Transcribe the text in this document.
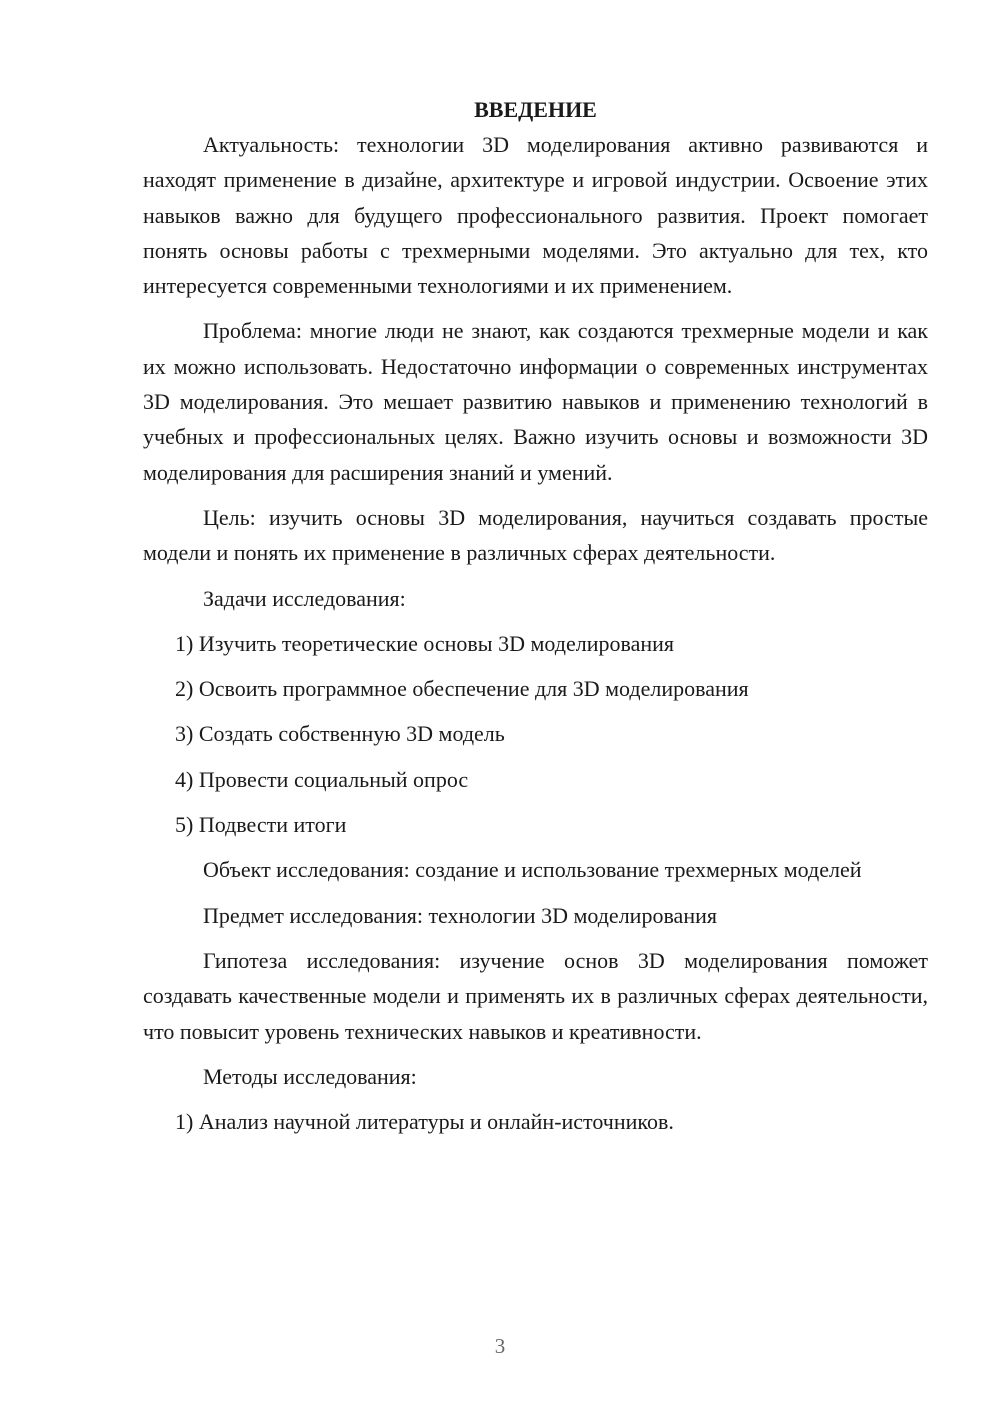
ВВЕДЕНИЕ

Актуальность: технологии 3D моделирования активно развиваются и находят применение в дизайне, архитектуре и игровой индустрии. Освоение этих навыков важно для будущего профессионального развития. Проект помогает понять основы работы с трехмерными моделями. Это актуально для тех, кто интересуется современными технологиями и их применением.

Проблема: многие люди не знают, как создаются трехмерные модели и как их можно использовать. Недостаточно информации о современных инструментах 3D моделирования. Это мешает развитию навыков и применению технологий в учебных и профессиональных целях. Важно изучить основы и возможности 3D моделирования для расширения знаний и умений.

Цель: изучить основы 3D моделирования, научиться создавать простые модели и понять их применение в различных сферах деятельности.

Задачи исследования:
1) Изучить теоретические основы 3D моделирования
2) Освоить программное обеспечение для 3D моделирования
3) Создать собственную 3D модель
4) Провести социальный опрос
5) Подвести итоги

Объект исследования: создание и использование трехмерных моделей

Предмет исследования: технологии 3D моделирования

Гипотеза исследования: изучение основ 3D моделирования поможет создавать качественные модели и применять их в различных сферах деятельности, что повысит уровень технических навыков и креативности.

Методы исследования:
1) Анализ научной литературы и онлайн-источников.
3
